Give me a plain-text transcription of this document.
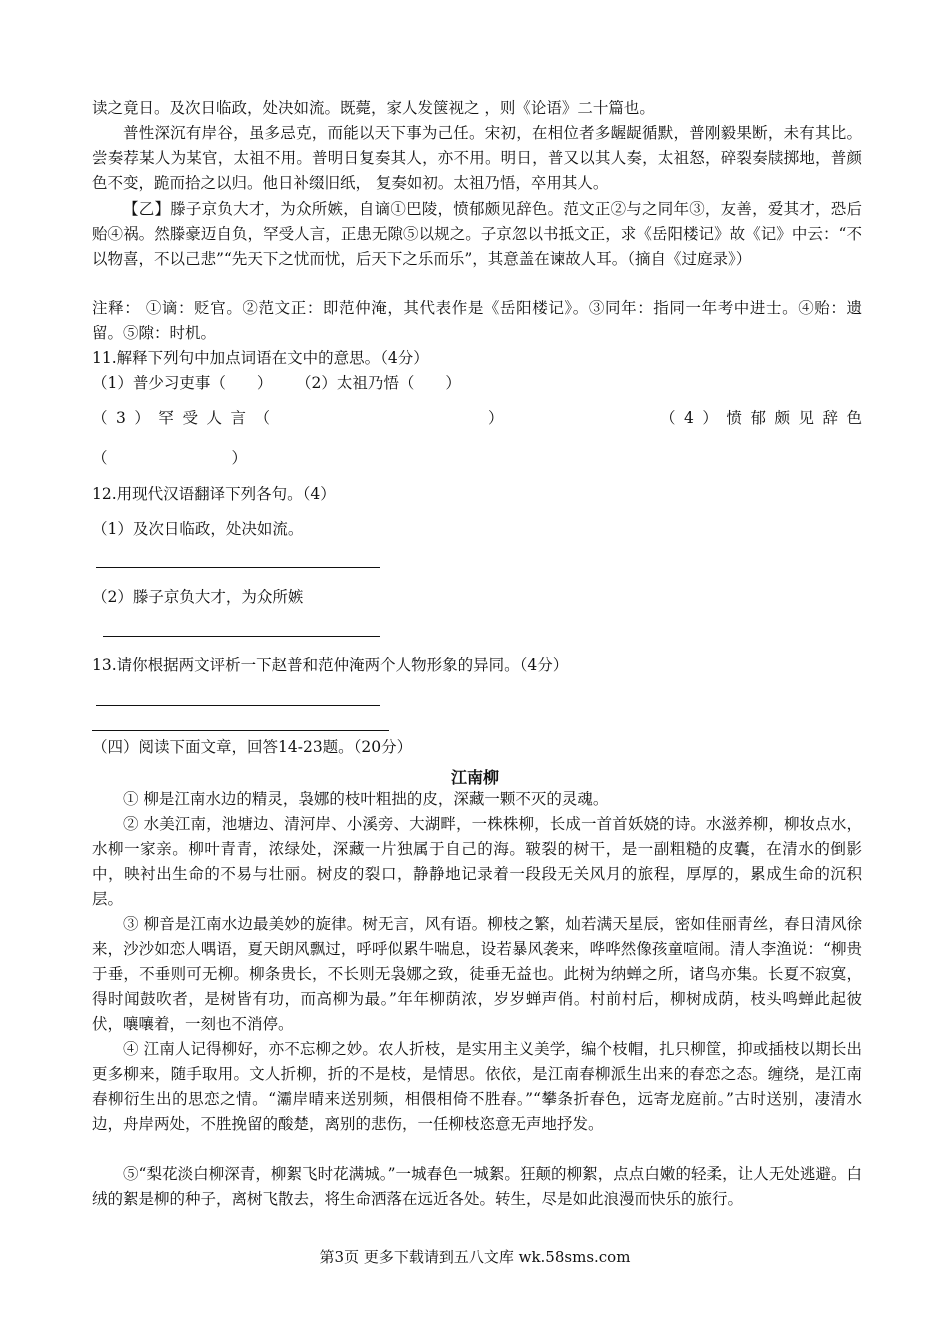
读之竟日。及次日临政，处决如流。既薨，家人发箧视之 ，则《论语》二十篇也。

普性深沉有岸谷，虽多忌克，而能以天下事为己任。宋初，在相位者多龌龊循默，普刚毅果断，未有其比。尝奏荐某人为某官，太祖不用。普明日复奏其人，亦不用。明日，普又以其人奏，太祖怒，碎裂奏牍掷地，普颜色不变，跪而拾之以归。他日补缀旧纸， 复奏如初。太祖乃悟，卒用其人。

【乙】滕子京负大才，为众所嫉，自谪①巴陵，愤郁颇见辞色。范文正②与之同年③，友善，爱其才，恐后贻④祸。然滕豪迈自负，罕受人言，正患无隙⑤以规之。子京忽以书抵文正，求《岳阳楼记》故《记》中云：“不以物喜，不以己悲”“先天下之忧而忧，后天下之乐而乐”，其意盖在谏故人耳。（摘自《过庭录》）

注释： ①谪：贬官。②范文正：即范仲淹，其代表作是《岳阳楼记》。③同年：指同一年考中进士。④贻：遗留。⑤隙：时机。

11.解释下列句中加点词语在文中的意思。（4分）

（1）普少习吏事（　　） （2）太祖乃悟（　　）

（3）罕受人言（	）	（4）愤郁颇见辞色

（　　　　　　　　）

12.用现代汉语翻译下列各句。（4）

（1）及次日临政，处决如流。

（2）滕子京负大才，为众所嫉

13.请你根据两文评析一下赵普和范仲淹两个人物形象的异同。（4分）

（四）阅读下面文章，回答14-23题。（20分）

江南柳

① 柳是江南水边的精灵，袅娜的枝叶粗拙的皮，深藏一颗不灭的灵魂。

② 水美江南，池塘边、清河岸、小溪旁、大湖畔，一株株柳，长成一首首妖娆的诗。水滋养柳，柳妆点水，水柳一家亲。柳叶青青，浓绿处，深藏一片独属于自己的海。皲裂的树干，是一副粗糙的皮囊，在清水的倒影中，映衬出生命的不易与壮丽。树皮的裂口，静静地记录着一段段无关风月的旅程，厚厚的，累成生命的沉积层。

③ 柳音是江南水边最美妙的旋律。树无言，风有语。柳枝之繁，灿若满天星辰，密如佳丽青丝，春日清风徐来，沙沙如恋人喁语，夏天朗风飘过，呼呼似累牛喘息，设若暴风袭来，哗哗然像孩童喧闹。清人李渔说：“柳贵于垂，不垂则可无柳。柳条贵长，不长则无袅娜之致，徒垂无益也。此树为纳蝉之所，诸鸟亦集。长夏不寂寞，得时闻鼓吹者，是树皆有功，而高柳为最。”年年柳荫浓，岁岁蝉声俏。村前村后，柳树成荫，枝头鸣蝉此起彼伏，嚷嚷着，一刻也不消停。

④ 江南人记得柳好，亦不忘柳之妙。农人折枝，是实用主义美学，编个枝帽，扎只柳筐，抑或插枝以期长出更多柳来，随手取用。文人折柳，折的不是枝，是情思。依依，是江南春柳派生出来的春恋之态。缠绕，是江南春柳衍生出的思恋之情。“灞岸晴来送别频，相偎相倚不胜春。”“攀条折春色，远寄龙庭前。”古时送别，凄清水边，舟岸两处，不胜挽留的酸楚，离别的悲伤，一任柳枝恣意无声地抒发。

⑤“梨花淡白柳深青，柳絮飞时花满城。”一城春色一城絮。狂颠的柳絮，点点白嫩的轻柔，让人无处逃避。白绒的絮是柳的种子，离树飞散去，将生命洒落在远近各处。转生，尽是如此浪漫而快乐的旅行。

第3页 更多下载请到五八文库 wk.58sms.com
